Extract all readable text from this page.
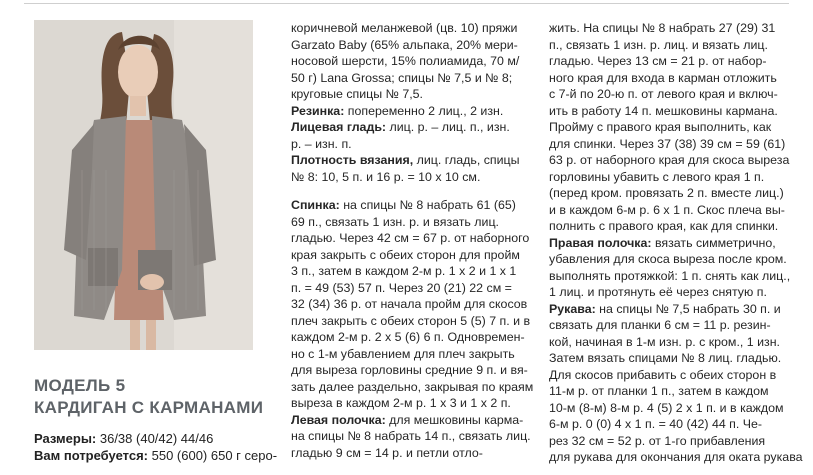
МОДЕЛЬ 5
КАРДИГАН С КАРМАНАМИ
Размеры: 36/38 (40/42) 44/46
Вам потребуется: 550 (600) 650 г серо-
коричневой меланжевой (цв. 10) пряжи
Garzato Baby (65% альпака, 20% мери-
носовой шерсти, 15% полиамида, 70 м/
50 г) Lana Grossa; спицы № 7,5 и № 8;
круговые спицы № 7,5.
Резинка: попеременно 2 лиц., 2 изн.
Лицевая гладь: лиц. р. – лиц. п., изн.
р. – изн. п.
Плотность вязания, лиц. гладь, спицы
№ 8: 10, 5 п. и 16 р. = 10 х 10 см.
Спинка: на спицы № 8 набрать 61 (65)
69 п., связать 1 изн. р. и вязать лиц.
гладью. Через 42 см = 67 р. от наборного
края закрыть с обеих сторон для пройм
3 п., затем в каждом 2-м р. 1 х 2 и 1 х 1
п. = 49 (53) 57 п. Через 20 (21) 22 см =
32 (34) 36 р. от начала пройм для скосов
плеч закрыть с обеих сторон 5 (5) 7 п. и в
каждом 2-м р. 2 х 5 (6) 6 п. Одновремен-
но с 1-м убавлением для плеч закрыть
для выреза горловины средние 9 п. и вя-
зать далее раздельно, закрывая по краям
выреза в каждом 2-м р. 1 х 3 и 1 х 2 п.
Левая полочка: для мешковины карма-
на спицы № 8 набрать 14 п., связать лиц.
гладью 9 см = 14 р. и петли отло-
жить. На спицы № 8 набрать 27 (29) 31
п., связать 1 изн. р. лиц. и вязать лиц.
гладью. Через 13 см = 21 р. от набор-
ного края для входа в карман отложить
с 7-й по 20-ю п. от левого края и включ-
ить в работу 14 п. мешковины кармана.
Пройму с правого края выполнить, как
для спинки. Через 37 (38) 39 см = 59 (61)
63 р. от наборного края для скоса выреза
горловины убавить с левого края 1 п.
(перед кром. провязать 2 п. вместе лиц.)
и в каждом 6-м р. 6 х 1 п. Скос плеча вы-
полнить с правого края, как для спинки.
Правая полочка: вязать симметрично,
убавления для скоса выреза после кром.
выполнять протяжкой: 1 п. снять как лиц.,
1 лиц. и протянуть её через снятую п.
Рукава: на спицы № 7,5 набрать 30 п. и
связать для планки 6 см = 11 р. резин-
кой, начиная в 1-м изн. р. с кром., 1 изн.
Затем вязать спицами № 8 лиц. гладью.
Для скосов прибавить с обеих сторон в
11-м р. от планки 1 п., затем в каждом
10-м (8-м) 8-м р. 4 (5) 2 х 1 п. и в каждом
6-м р. 0 (0) 4 х 1 п. = 40 (42) 44 п. Че-
рез 32 см = 52 р. от 1-го прибавления
для рукава для окончания для оката рукава
